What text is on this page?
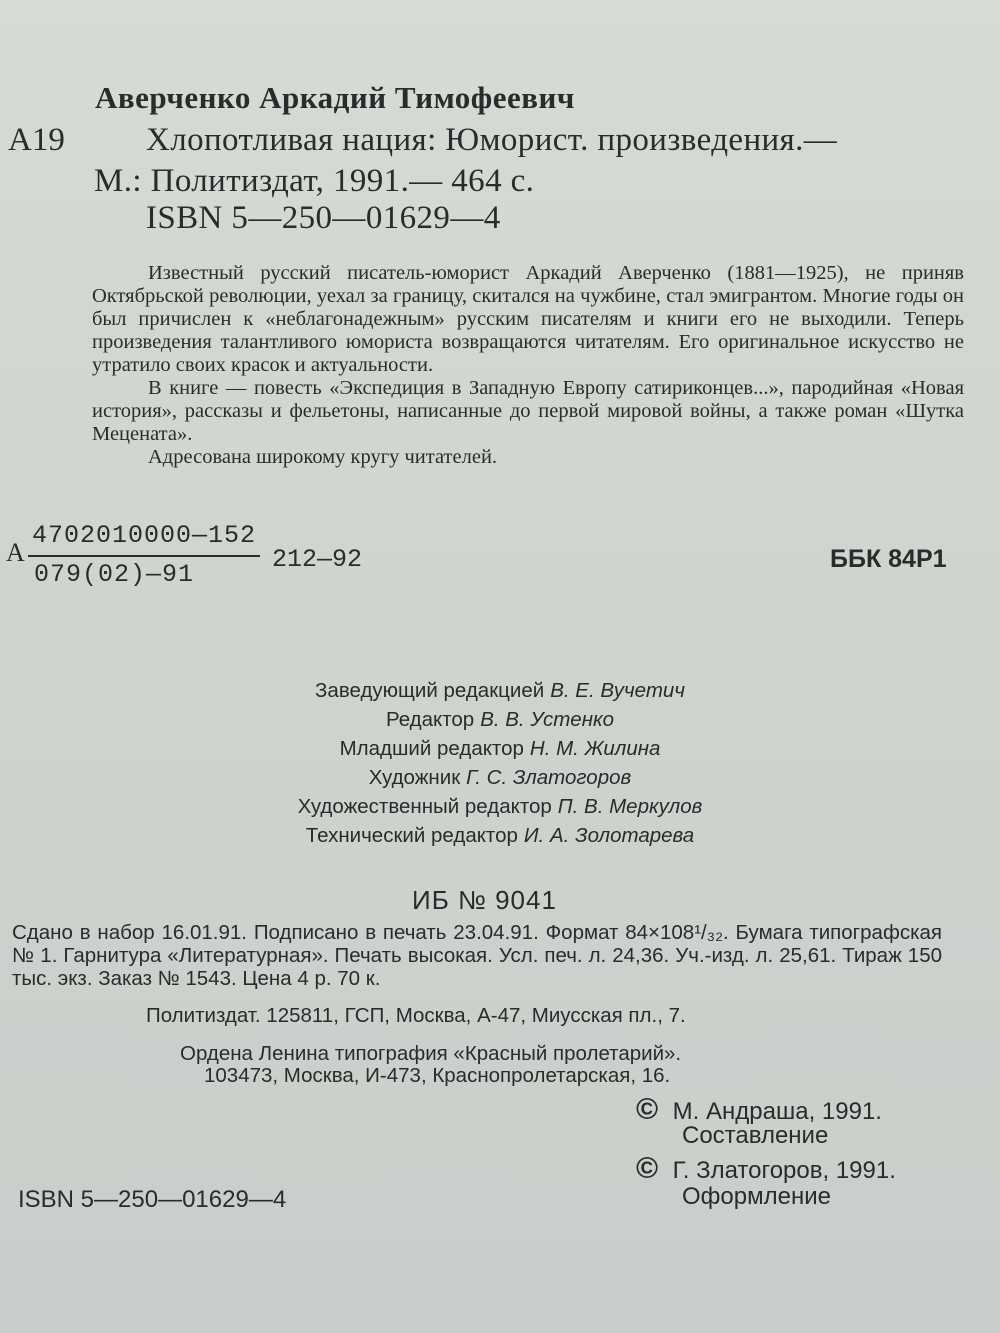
Аверченко Аркадий Тимофеевич
А19 Хлопотливая нация: Юморист. произведения.—
М.: Политиздат, 1991.— 464 с.
ISBN 5—250—01629—4

Известный русский писатель-юморист Аркадий Аверченко (1881—1925), не приняв Октябрьской революции, уехал за границу, скитался на чужбине, стал эмигрантом. Многие годы он был причислен к «неблагонадежным» русским писателям и книги его не выходили. Теперь произведения талантливого юмориста возвращаются читателям. Его оригинальное искусство не утратило своих красок и актуальности.

В книге — повесть «Экспедиция в Западную Европу сатириконцев...», пародийная «Новая история», рассказы и фельетоны, написанные до первой мировой войны, а также роман «Шутка Мецената».

Адресована широкому кругу читателей.

А
4702010000—152
079(02)—91
212—92	ББК 84Р1
Заведующий редакцией В. Е. Вучетич
Редактор В. В. Устенко
Младший редактор Н. М. Жилина
Художник Г. С. Златогоров
Художественный редактор П. В. Меркулов
Технический редактор И. А. Золотарева
ИБ № 9041

Сдано в набор 16.01.91. Подписано в печать 23.04.91. Формат 84×108¹/₃₂. Бумага типографская № 1. Гарнитура «Литературная». Печать высокая. Усл. печ. л. 24,36. Уч.-изд. л. 25,61. Тираж 150 тыс. экз. Заказ № 1543. Цена 4 р. 70 к.

Политиздат. 125811, ГСП, Москва, А-47, Миусская пл., 7.
Ордена Ленина типография «Красный пролетарий».
103473, Москва, И-473, Краснопролетарская, 16.
© М. Андраша, 1991.
Составление
© Г. Златогоров, 1991.
Оформление
ISBN 5—250—01629—4
